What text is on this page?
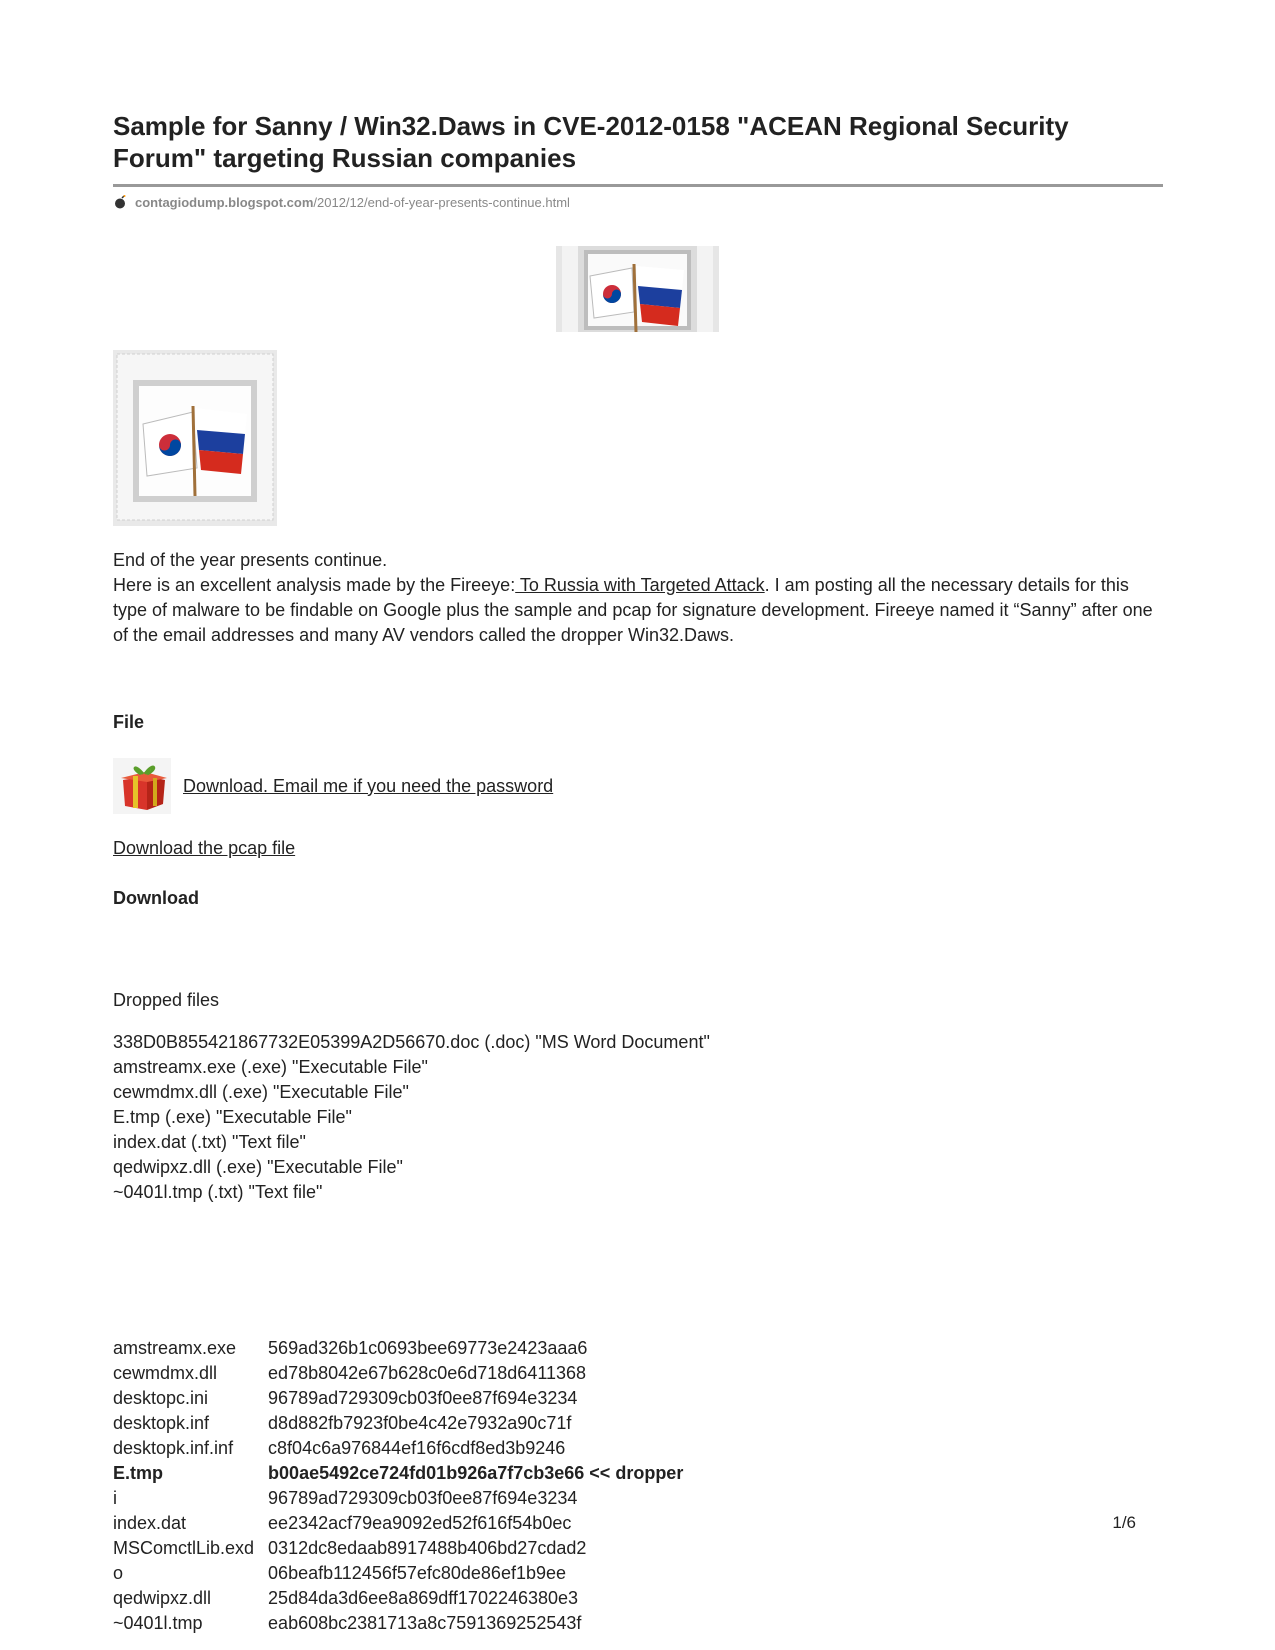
Sample for Sanny / Win32.Daws in CVE-2012-0158 "ACEAN Regional Security Forum" targeting Russian companies
contagiodump.blogspot.com/2012/12/end-of-year-presents-continue.html

End of the year presents continue.

Here is an excellent analysis made by the Fireeye: To Russia with Targeted Attack. I am posting all the necessary details for this type of malware to be findable on Google plus the sample and pcap for signature development. Fireeye named it “Sanny” after one of the email addresses and many AV vendors called the dropper Win32.Daws.

File
Download. Email me if you need the password
Download the pcap file
Download
Dropped files
338D0B855421867732E05399A2D56670.doc (.doc) "MS Word Document"
amstreamx.exe (.exe) "Executable File"
cewmdmx.dll (.exe) "Executable File"
E.tmp (.exe) "Executable File"
index.dat (.txt) "Text file"
qedwipxz.dll (.exe) "Executable File"
~0401l.tmp (.txt) "Text file"
amstreamx.exe	569ad326b1c0693bee69773e2423aaa6
cewmdmx.dll	ed78b8042e67b628c0e6d718d6411368
desktopc.ini	96789ad729309cb03f0ee87f694e3234
desktopk.inf	d8d882fb7923f0be4c42e7932a90c71f
desktopk.inf.inf	c8f04c6a976844ef16f6cdf8ed3b9246
E.tmp	b00ae5492ce724fd01b926a7f7cb3e66 << dropper
i	96789ad729309cb03f0ee87f694e3234
index.dat	ee2342acf79ea9092ed52f616f54b0ec
MSComctlLib.exd	0312dc8edaab8917488b406bd27cdad2
o	06beafb112456f57efc80de86ef1b9ee
qedwipxz.dll	25d84da3d6ee8a869dff1702246380e3
~0401l.tmp	eab608bc2381713a8c7591369252543f
1/6
